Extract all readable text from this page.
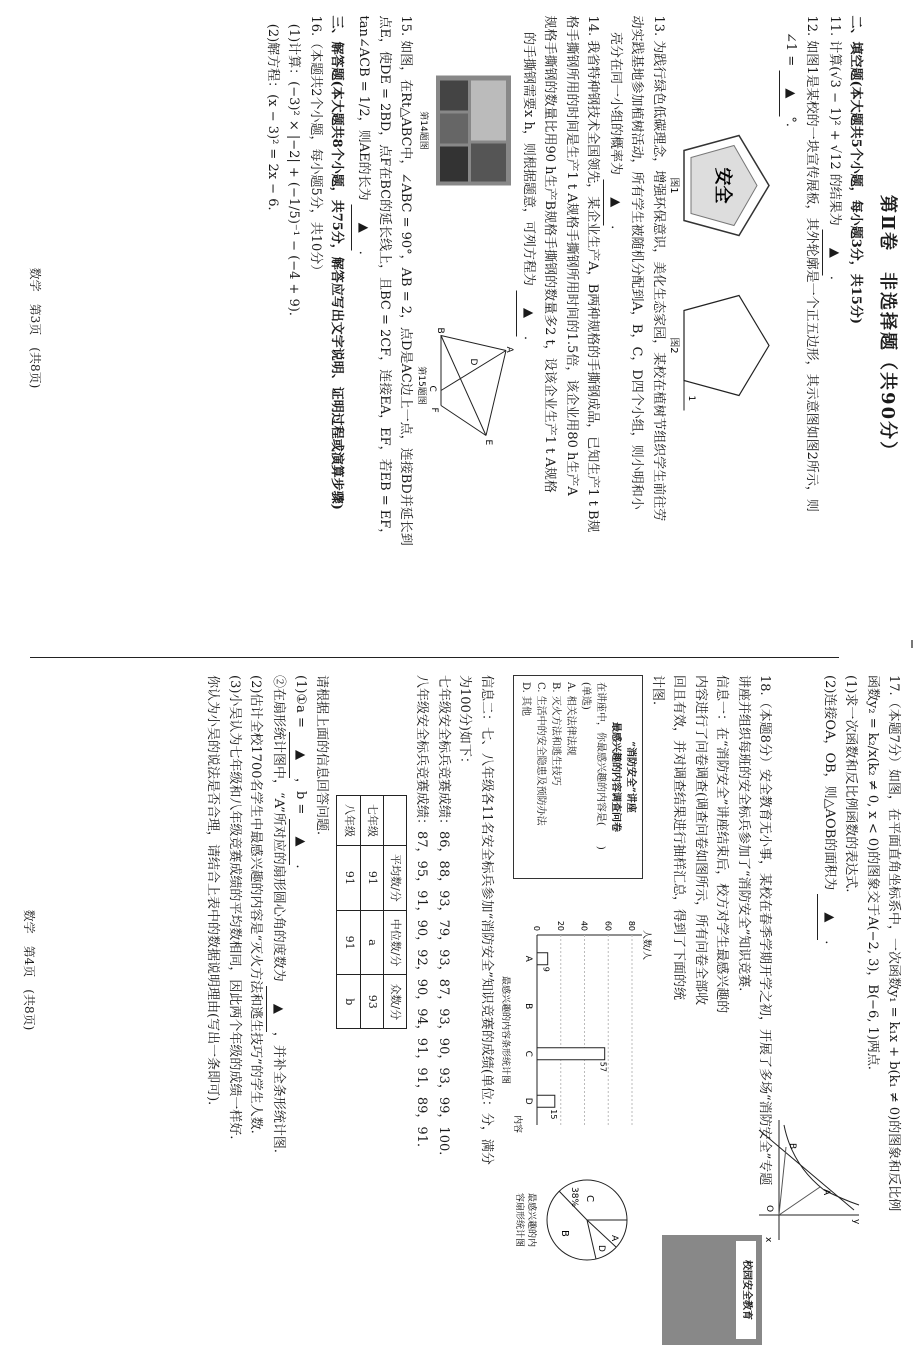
第Ⅱ卷　非选择题（共90分）
二、填空题(本大题共5个小题，每小题3分，共15分)
11. 计算(√3 − 1)² + √12 的结果为 ▲．
12. 如图1是某校的一块宣传展板，其外轮廓是一个正五边形，其示意图如图2所示，则
∠1 = ▲°．
安全
图1
1
图2
13. 为践行绿色低碳理念，增强环保意识，美化生态家园，某校在植树节组织学生前往劳
动实践基地参加植树活动，所有学生被随机分配到A，B，C，D四个小组，则小明和小
亮分在同一小组的概率为 ▲．
14. 我省特种钢技术全国领先，某企业生产A，B两种规格的手撕钢成品，已知生产1 t B规
格手撕钢所用的时间是生产1 t A规格手撕钢所用时间的1.5倍，该企业用80 h生产A
规格手撕钢的数量比用90 h生产B规格手撕钢的数量多2 t，设该企业生产1 t A规格
的手撕钢需要x h，则根据题意，可列方程为 ▲．
第14题图
A
B
C
F
E
D
第15题图
15. 如图，在Rt△ABC中，∠ABC = 90°，AB = 2，点D是AC边上一点，连接BD并延长到
点E，使DE = 2BD，点F在BC的延长线上，且BC = 2CF，连接EA，EF，若EB = EF，
tan∠ACB = 1/2，则AE的长为 ▲．
三、解答题(本大题共8个小题，共75分，解答应写出文字说明、证明过程或演算步骤)
16.（本题共2个小题，每小题5分，共10分）
(1)计算：(−3)² × |−2| + (−1/5)⁻¹ − (−4 + 9)．
(2)解方程：(x − 3)² = 2x − 6．
数学　第3页　(共8页)
17.（本题7分）如图，在平面直角坐标系中，一次函数y₁ = k₁x + b(k₁ ≠ 0)的图象和反比例
函数y₂ = k₂/x(k₂ ≠ 0, x < 0)的图象交于A(−2, 3)，B(−6, 1)两点．
(1)求一次函数和反比例函数的表达式．
(2)连接OA，OB，则△AOB的面积为 ▲．
x
y
O
A
B
18.（本题8分）安全教育无小事，某校在春季学期开学之初，开展了多场“消防安全”专题
讲座并组织每班的安全标兵参加了“消防安全”知识竞赛．
信息一：在“消防安全”讲座结束后，校方对学生最感兴趣的
内容进行了问卷调查(调查问卷如图所示，所有问卷全部收
回且有效，并对调查结果进行抽样汇总，得到了下面的统
计图．
校园安全教育
“消防安全”讲座
最感兴趣的内容调查问卷
在讲座中，你最感兴趣的内容是(　　)
(单选)
A. 相关法律法规
B. 灭火方法和逃生技巧
C. 生活中的安全隐患及预防办法
D. 其他
人数/人
内容
0 20 40 60 80
A
9
B
C
57
D
15
最感兴趣的内容条形统计图
A
D
B
C
38%
最感兴趣的内
容扇形统计图
信息二：七、八年级各11名安全标兵参加“消防安全”知识竞赛的成绩(单位：分，满分
为100分)如下：
七年级安全标兵竞赛成绩：86，88，93，79，93，87，93，90，93，99，100．
八年级安全标兵竞赛成绩：87，95，91，90，92，90，94，91，91，89，91．
	平均数/分	中位数/分	众数/分
七年级	91	a	93
八年级	91	91	b
请根据上面的信息回答问题．
(1)①a = ▲，b = ▲．
②在扇形统计图中，“A”所对应的扇形圆心角的度数为 ▲，并补全条形统计图．
(2)估计全校1700名学生中最感兴趣的内容是“灭火方法和逃生技巧”的学生人数．
(3)小吴认为七年级和八年级竞赛成绩的平均数相同，因此两个年级的成绩一样好．
你认为小吴的说法是否合理，请结合上表中的数据说明理由(写出一条即可)．
数学　第4页　(共8页)
